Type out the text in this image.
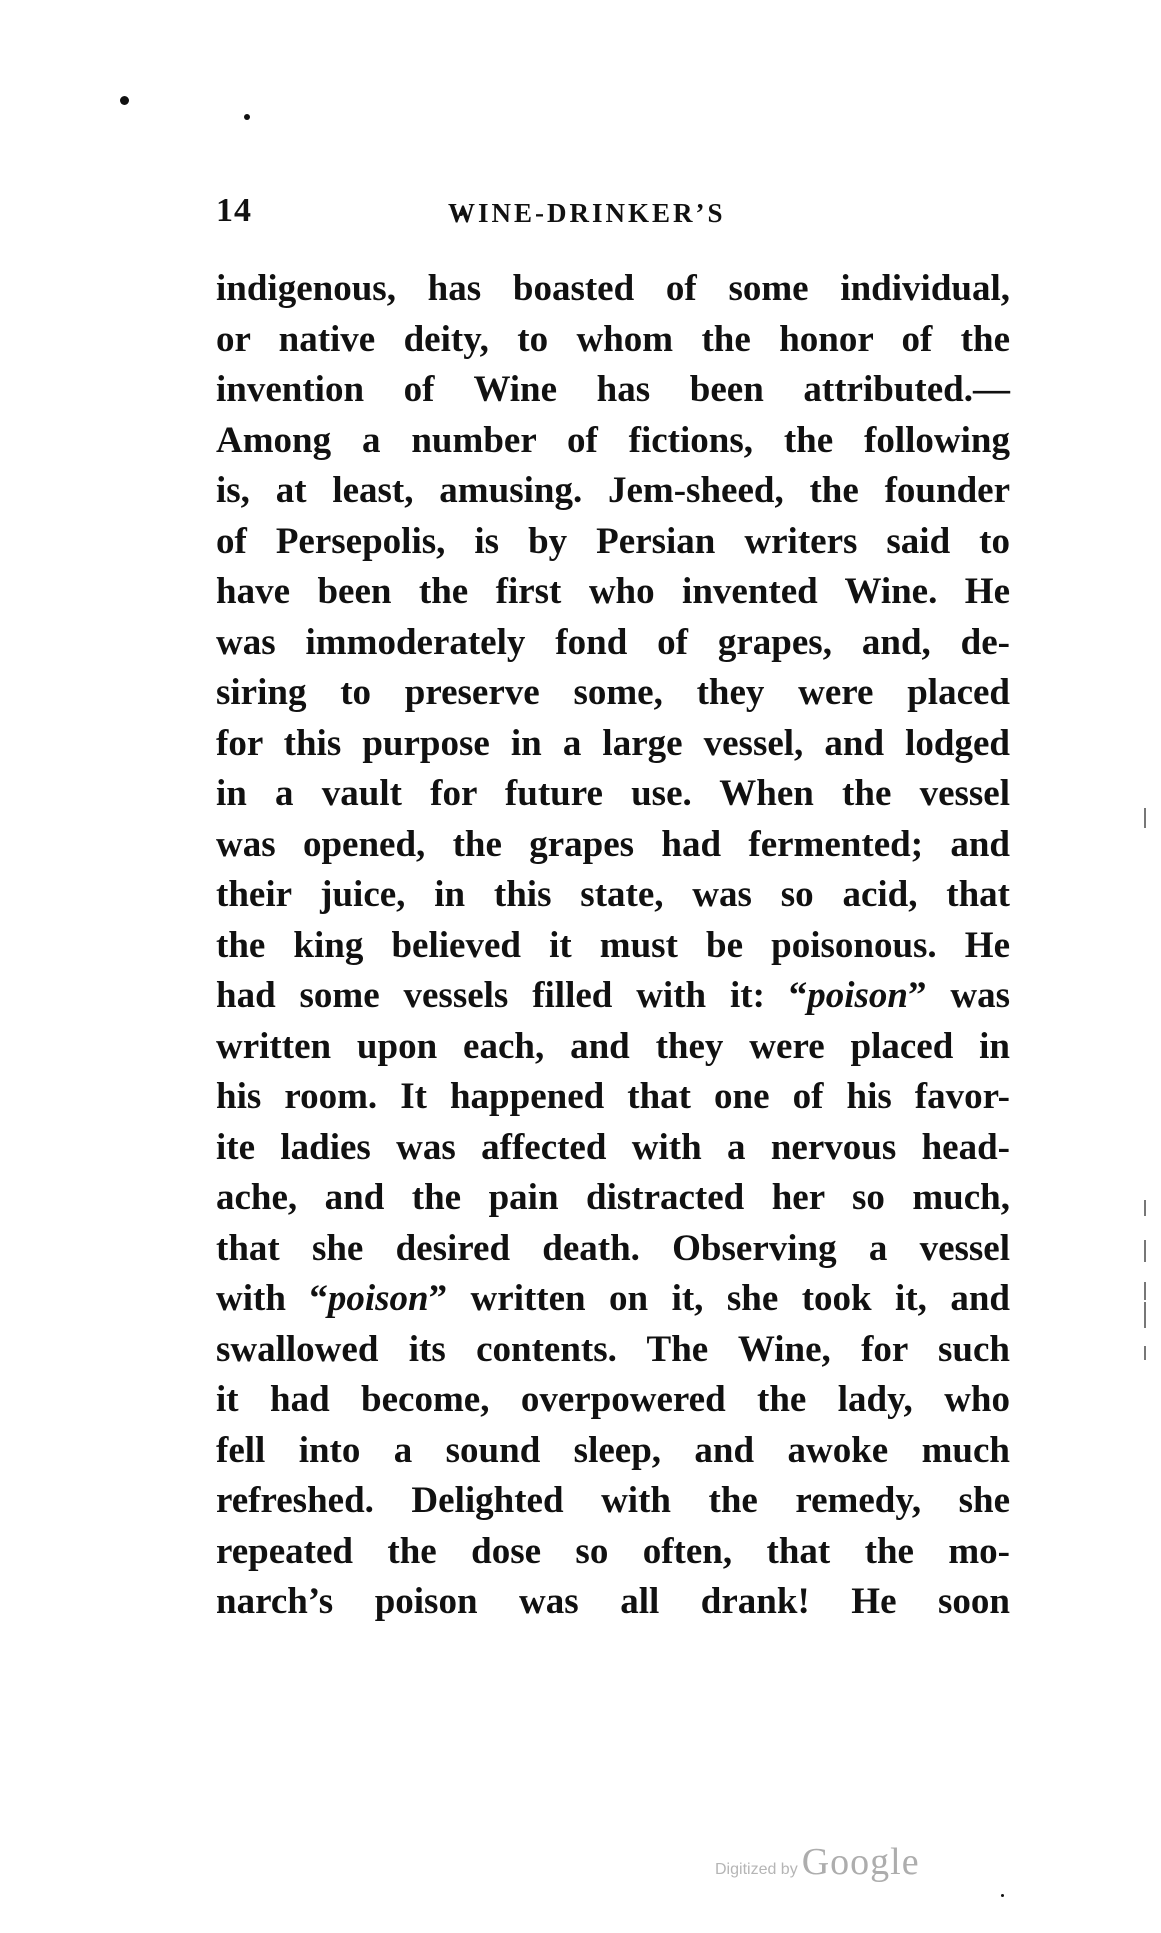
14	WINE-DRINKER’S
indigenous, has boasted of some individual,
or native deity, to whom the honor of the
invention of Wine has been attributed.—
Among a number of fictions, the following
is, at least, amusing. Jem-sheed, the founder
of Persepolis, is by Persian writers said to
have been the first who invented Wine. He
was immoderately fond of grapes, and, de-
siring to preserve some, they were placed
for this purpose in a large vessel, and lodged
in a vault for future use. When the vessel
was opened, the grapes had fermented; and
their juice, in this state, was so acid, that
the king believed it must be poisonous. He
had some vessels filled with it: “poison” was
written upon each, and they were placed in
his room. It happened that one of his favor-
ite ladies was affected with a nervous head-
ache, and the pain distracted her so much,
that she desired death. Observing a vessel
with “poison” written on it, she took it, and
swallowed its contents. The Wine, for such
it had become, overpowered the lady, who
fell into a sound sleep, and awoke much
refreshed. Delighted with the remedy, she
repeated the dose so often, that the mo-
narch’s poison was all drank! He soon
Digitized by Google
